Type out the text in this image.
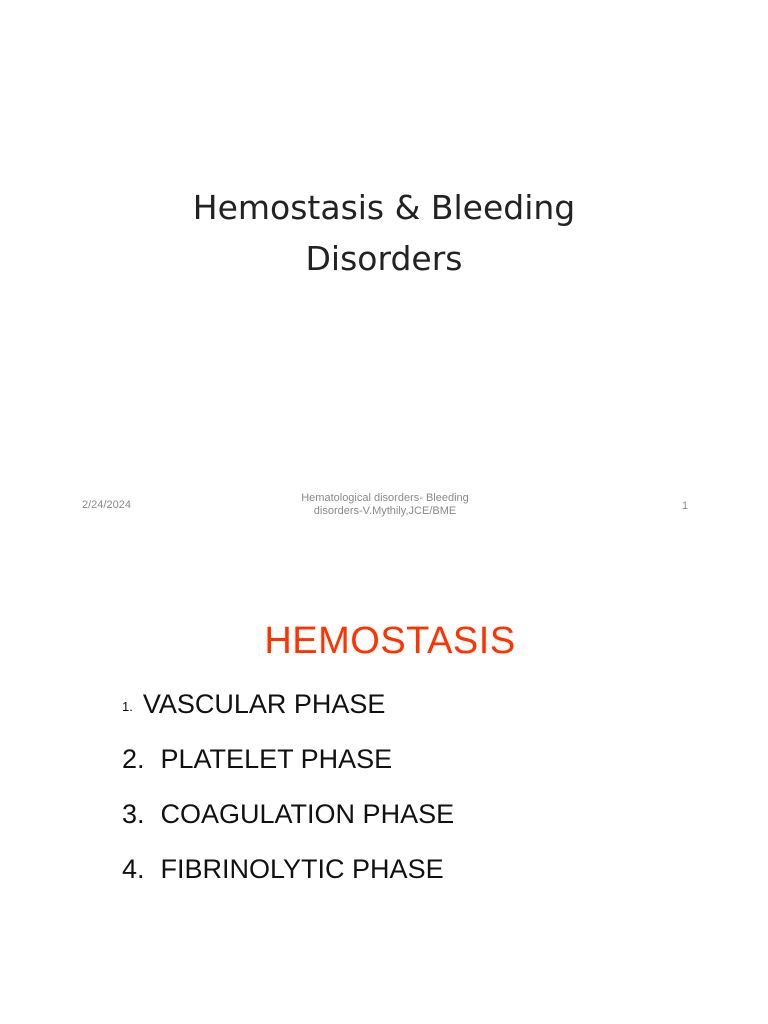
Hemostasis & Bleeding
Disorders
2/24/2024
Hematological disorders- Bleeding
disorders-V.Mythily,JCE/BME	1
HEMOSTASIS
1. VASCULAR PHASE
2. PLATELET PHASE
3. COAGULATION PHASE
4. FIBRINOLYTIC PHASE
